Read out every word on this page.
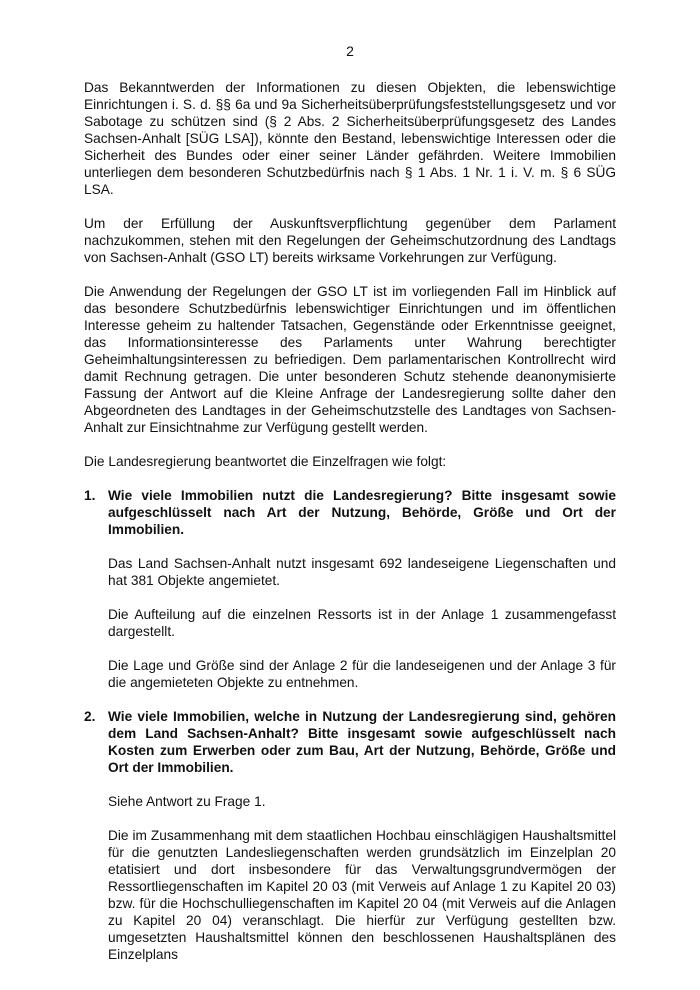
2

Das Bekanntwerden der Informationen zu diesen Objekten, die lebenswichtige Einrichtungen i. S. d. §§ 6a und 9a Sicherheitsüberprüfungsfeststellungsgesetz und vor Sabotage zu schützen sind (§ 2 Abs. 2 Sicherheitsüberprüfungsgesetz des Landes Sachsen-Anhalt [SÜG LSA]), könnte den Bestand, lebenswichtige Interessen oder die Sicherheit des Bundes oder einer seiner Länder gefährden. Weitere Immobilien unterliegen dem besonderen Schutzbedürfnis nach § 1 Abs. 1 Nr. 1 i. V. m. § 6 SÜG LSA.

Um der Erfüllung der Auskunftsverpflichtung gegenüber dem Parlament nachzukommen, stehen mit den Regelungen der Geheimschutzordnung des Landtags von Sachsen-Anhalt (GSO LT) bereits wirksame Vorkehrungen zur Verfügung.

Die Anwendung der Regelungen der GSO LT ist im vorliegenden Fall im Hinblick auf das besondere Schutzbedürfnis lebenswichtiger Einrichtungen und im öffentlichen Interesse geheim zu haltender Tatsachen, Gegenstände oder Erkenntnisse geeignet, das Informationsinteresse des Parlaments unter Wahrung berechtigter Geheimhaltungsinteressen zu befriedigen. Dem parlamentarischen Kontrollrecht wird damit Rechnung getragen. Die unter besonderen Schutz stehende deanonymisierte Fassung der Antwort auf die Kleine Anfrage der Landesregierung sollte daher den Abgeordneten des Landtages in der Geheimschutzstelle des Landtages von Sachsen-Anhalt zur Einsichtnahme zur Verfügung gestellt werden.

Die Landesregierung beantwortet die Einzelfragen wie folgt:

1. Wie viele Immobilien nutzt die Landesregierung? Bitte insgesamt sowie aufgeschlüsselt nach Art der Nutzung, Behörde, Größe und Ort der Immobilien.

Das Land Sachsen-Anhalt nutzt insgesamt 692 landeseigene Liegenschaften und hat 381 Objekte angemietet.

Die Aufteilung auf die einzelnen Ressorts ist in der Anlage 1 zusammengefasst dargestellt.

Die Lage und Größe sind der Anlage 2 für die landeseigenen und der Anlage 3 für die angemieteten Objekte zu entnehmen.

2. Wie viele Immobilien, welche in Nutzung der Landesregierung sind, gehören dem Land Sachsen-Anhalt? Bitte insgesamt sowie aufgeschlüsselt nach Kosten zum Erwerben oder zum Bau, Art der Nutzung, Behörde, Größe und Ort der Immobilien.

Siehe Antwort zu Frage 1.

Die im Zusammenhang mit dem staatlichen Hochbau einschlägigen Haushaltsmittel für die genutzten Landesliegenschaften werden grundsätzlich im Einzelplan 20 etatisiert und dort insbesondere für das Verwaltungsgrundvermögen der Ressortliegenschaften im Kapitel 20 03 (mit Verweis auf Anlage 1 zu Kapitel 20 03) bzw. für die Hochschulliegenschaften im Kapitel 20 04 (mit Verweis auf die Anlagen zu Kapitel 20 04) veranschlagt. Die hierfür zur Verfügung gestellten bzw. umgesetzten Haushaltsmittel können den beschlossenen Haushaltsplänen des Einzelplans
